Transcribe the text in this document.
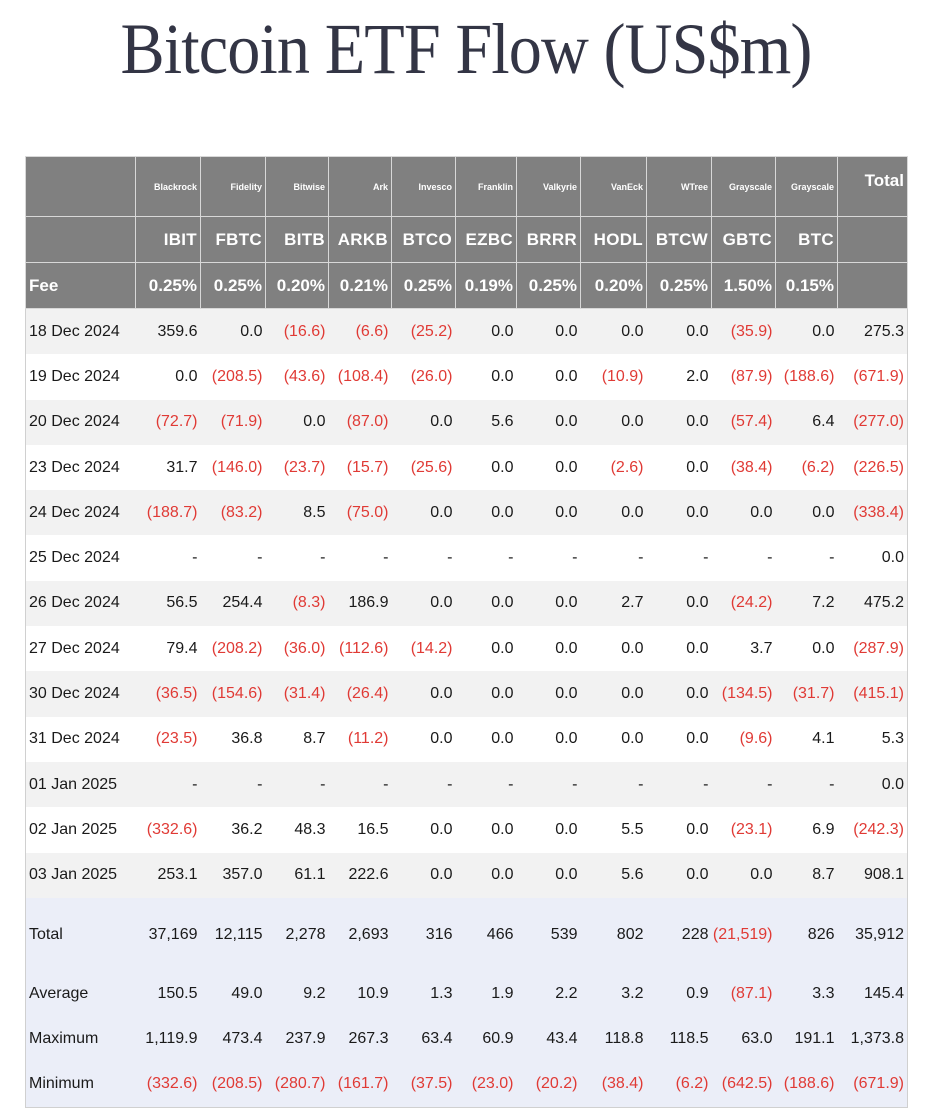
Bitcoin ETF Flow (US$m)
	Blackrock	Fidelity	Bitwise	Ark	Invesco	Franklin	Valkyrie	VanEck	WTree	Grayscale	Grayscale	Total
	IBIT	FBTC	BITB	ARKB	BTCO	EZBC	BRRR	HODL	BTCW	GBTC	BTC	
Fee	0.25%	0.25%	0.20%	0.21%	0.25%	0.19%	0.25%	0.20%	0.25%	1.50%	0.15%	
18 Dec 2024	359.6	0.0	(16.6)	(6.6)	(25.2)	0.0	0.0	0.0	0.0	(35.9)	0.0	275.3
19 Dec 2024	0.0	(208.5)	(43.6)	(108.4)	(26.0)	0.0	0.0	(10.9)	2.0	(87.9)	(188.6)	(671.9)
20 Dec 2024	(72.7)	(71.9)	0.0	(87.0)	0.0	5.6	0.0	0.0	0.0	(57.4)	6.4	(277.0)
23 Dec 2024	31.7	(146.0)	(23.7)	(15.7)	(25.6)	0.0	0.0	(2.6)	0.0	(38.4)	(6.2)	(226.5)
24 Dec 2024	(188.7)	(83.2)	8.5	(75.0)	0.0	0.0	0.0	0.0	0.0	0.0	0.0	(338.4)
25 Dec 2024	-	-	-	-	-	-	-	-	-	-	-	0.0
26 Dec 2024	56.5	254.4	(8.3)	186.9	0.0	0.0	0.0	2.7	0.0	(24.2)	7.2	475.2
27 Dec 2024	79.4	(208.2)	(36.0)	(112.6)	(14.2)	0.0	0.0	0.0	0.0	3.7	0.0	(287.9)
30 Dec 2024	(36.5)	(154.6)	(31.4)	(26.4)	0.0	0.0	0.0	0.0	0.0	(134.5)	(31.7)	(415.1)
31 Dec 2024	(23.5)	36.8	8.7	(11.2)	0.0	0.0	0.0	0.0	0.0	(9.6)	4.1	5.3
01 Jan 2025	-	-	-	-	-	-	-	-	-	-	-	0.0
02 Jan 2025	(332.6)	36.2	48.3	16.5	0.0	0.0	0.0	5.5	0.0	(23.1)	6.9	(242.3)
03 Jan 2025	253.1	357.0	61.1	222.6	0.0	0.0	0.0	5.6	0.0	0.0	8.7	908.1
Total	37,169	12,115	2,278	2,693	316	466	539	802	228	(21,519)	826	35,912
Average	150.5	49.0	9.2	10.9	1.3	1.9	2.2	3.2	0.9	(87.1)	3.3	145.4
Maximum	1,119.9	473.4	237.9	267.3	63.4	60.9	43.4	118.8	118.5	63.0	191.1	1,373.8
Minimum	(332.6)	(208.5)	(280.7)	(161.7)	(37.5)	(23.0)	(20.2)	(38.4)	(6.2)	(642.5)	(188.6)	(671.9)
